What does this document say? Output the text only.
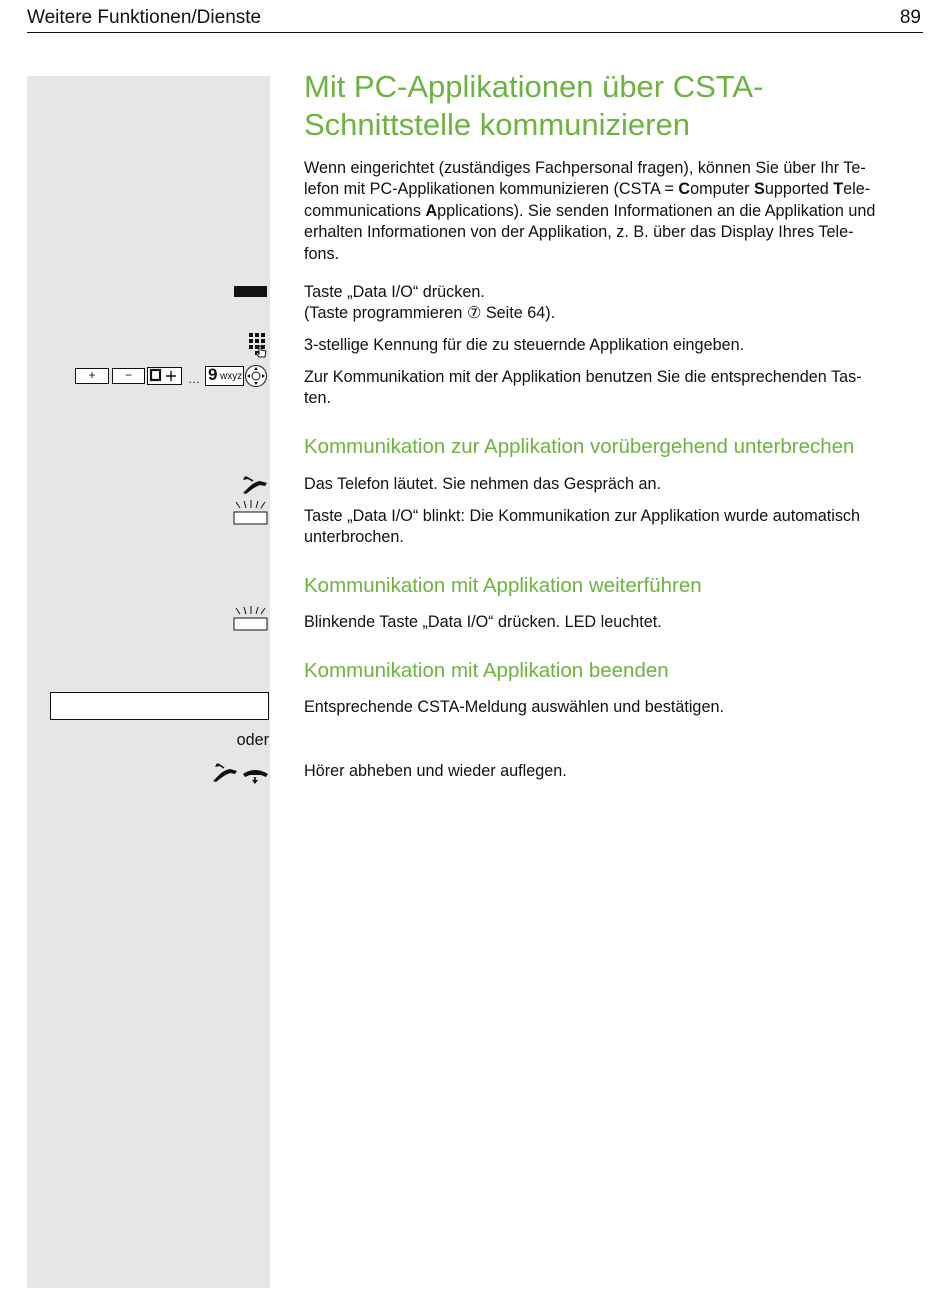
Weitere Funktionen/Dienste	89
Mit PC-Applikationen über CSTA-
Schnittstelle kommunizieren
Wenn eingerichtet (zuständiges Fachpersonal fragen), können Sie über Ihr Te-
lefon mit PC-Applikationen kommunizieren (CSTA = Computer Supported Tele-
communications Applications). Sie senden Informationen an die Applikation und
erhalten Informationen von der Applikation, z. B. über das Display Ihres Tele-
fons.
Taste „Data I/O“ drücken.
(Taste programmieren ⑦ Seite 64).
3-stellige Kennung für die zu steuernde Applikation eingeben.
+	−	… 9 wxyz	Zur Kommunikation mit der Applikation benutzen Sie die entsprechenden Tas-
ten.
Kommunikation zur Applikation vorübergehend unterbrechen
Das Telefon läutet. Sie nehmen das Gespräch an.
Taste „Data I/O“ blinkt: Die Kommunikation zur Applikation wurde automatisch
unterbrochen.
Kommunikation mit Applikation weiterführen
Blinkende Taste „Data I/O“ drücken. LED leuchtet.
Kommunikation mit Applikation beenden
Entsprechende CSTA-Meldung auswählen und bestätigen.
oder
Hörer abheben und wieder auflegen.
